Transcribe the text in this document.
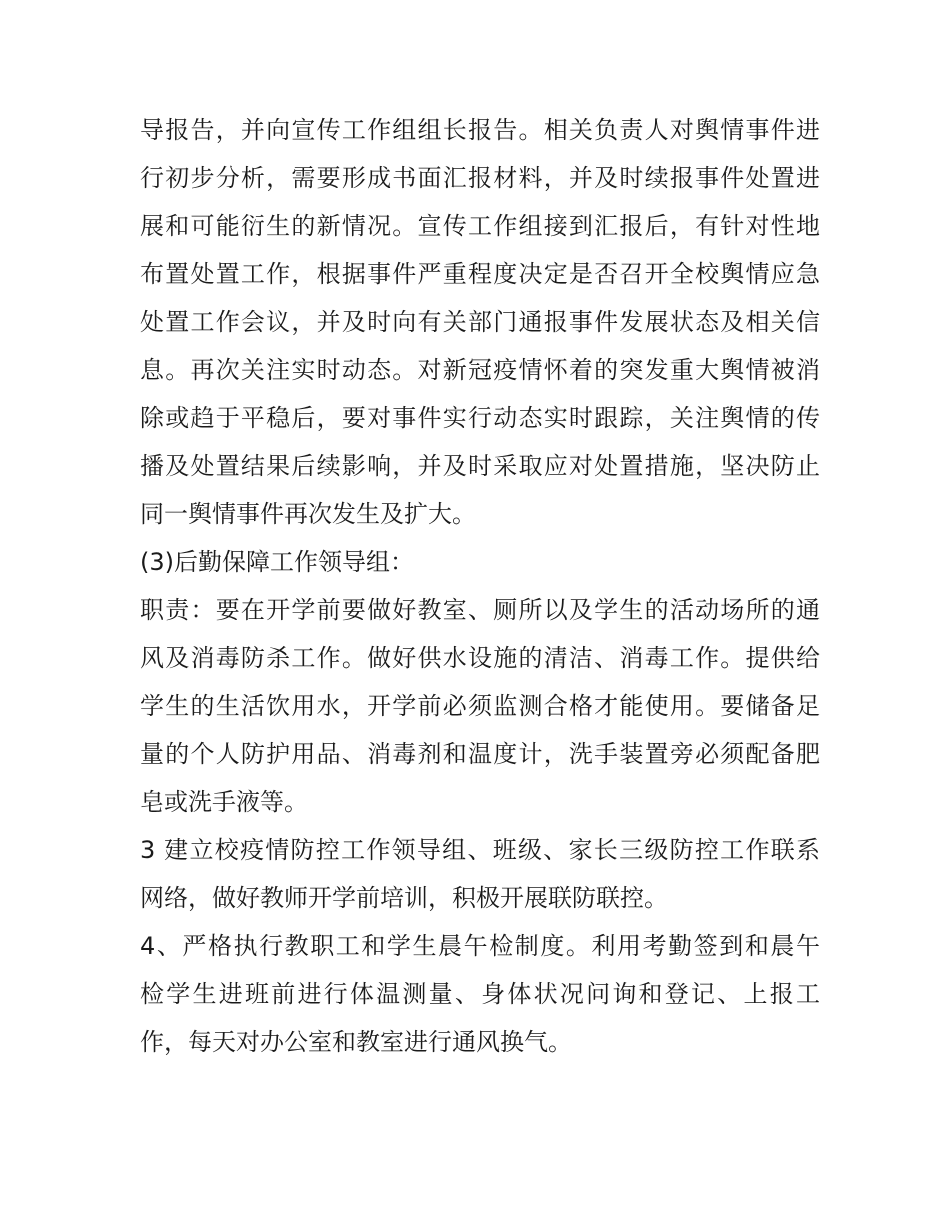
导报告，并向宣传工作组组长报告。相关负责人对舆情事件进
行初步分析，需要形成书面汇报材料，并及时续报事件处置进
展和可能衍生的新情况。宣传工作组接到汇报后，有针对性地
布置处置工作，根据事件严重程度决定是否召开全校舆情应急
处置工作会议，并及时向有关部门通报事件发展状态及相关信
息。再次关注实时动态。对新冠疫情怀着的突发重大舆情被消
除或趋于平稳后，要对事件实行动态实时跟踪，关注舆情的传
播及处置结果后续影响，并及时采取应对处置措施，坚决防止
同一舆情事件再次发生及扩大。
(3)后勤保障工作领导组：
职责：要在开学前要做好教室、厕所以及学生的活动场所的通
风及消毒防杀工作。做好供水设施的清洁、消毒工作。提供给
学生的生活饮用水，开学前必须监测合格才能使用。要储备足
量的个人防护用品、消毒剂和温度计，洗手装置旁必须配备肥
皂或洗手液等。
3 建立校疫情防控工作领导组、班级、家长三级防控工作联系
网络，做好教师开学前培训，积极开展联防联控。
4、严格执行教职工和学生晨午检制度。利用考勤签到和晨午
检学生进班前进行体温测量、身体状况问询和登记、上报工
作，每天对办公室和教室进行通风换气。
